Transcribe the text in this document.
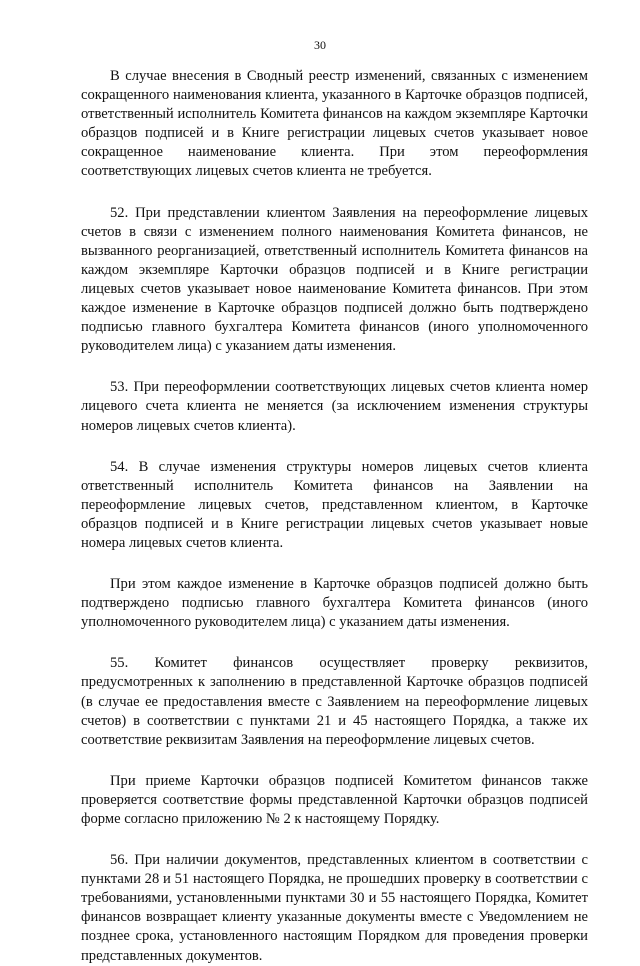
30

В случае внесения в Сводный реестр изменений, связанных с изменением сокращенного наименования клиента, указанного в Карточке образцов подписей, ответственный исполнитель Комитета финансов на каждом экземпляре Карточки образцов подписей и в Книге регистрации лицевых счетов указывает новое сокращенное наименование клиента. При этом переоформления соответствующих лицевых счетов клиента не требуется.

52. При представлении клиентом Заявления на переоформление лицевых счетов в связи с изменением полного наименования Комитета финансов, не вызванного реорганизацией, ответственный исполнитель Комитета финансов на каждом экземпляре Карточки образцов подписей и в Книге регистрации лицевых счетов указывает новое наименование Комитета финансов. При этом каждое изменение в Карточке образцов подписей должно быть подтверждено подписью главного бухгалтера Комитета финансов (иного уполномоченного руководителем лица) с указанием даты изменения.

53. При переоформлении соответствующих лицевых счетов клиента номер лицевого счета клиента не меняется (за исключением изменения структуры номеров лицевых счетов клиента).

54. В случае изменения структуры номеров лицевых счетов клиента ответственный исполнитель Комитета финансов на Заявлении на переоформление лицевых счетов, представленном клиентом, в Карточке образцов подписей и в Книге регистрации лицевых счетов указывает новые номера лицевых счетов клиента.

При этом каждое изменение в Карточке образцов подписей должно быть подтверждено подписью главного бухгалтера Комитета финансов (иного уполномоченного руководителем лица) с указанием даты изменения.

55. Комитет финансов осуществляет проверку реквизитов, предусмотренных к заполнению в представленной Карточке образцов подписей (в случае ее предоставления вместе с Заявлением на переоформление лицевых счетов) в соответствии с пунктами 21 и 45 настоящего Порядка, а также их соответствие реквизитам Заявления на переоформление лицевых счетов.

При приеме Карточки образцов подписей Комитетом финансов также проверяется соответствие формы представленной Карточки образцов подписей форме согласно приложению № 2 к настоящему Порядку.

56. При наличии документов, представленных клиентом в соответствии с пунктами 28 и 51 настоящего Порядка, не прошедших проверку в соответствии с требованиями, установленными пунктами 30 и 55 настоящего Порядка, Комитет финансов возвращает клиенту указанные документы вместе с Уведомлением не позднее срока, установленного настоящим Порядком для проведения проверки представленных документов.
